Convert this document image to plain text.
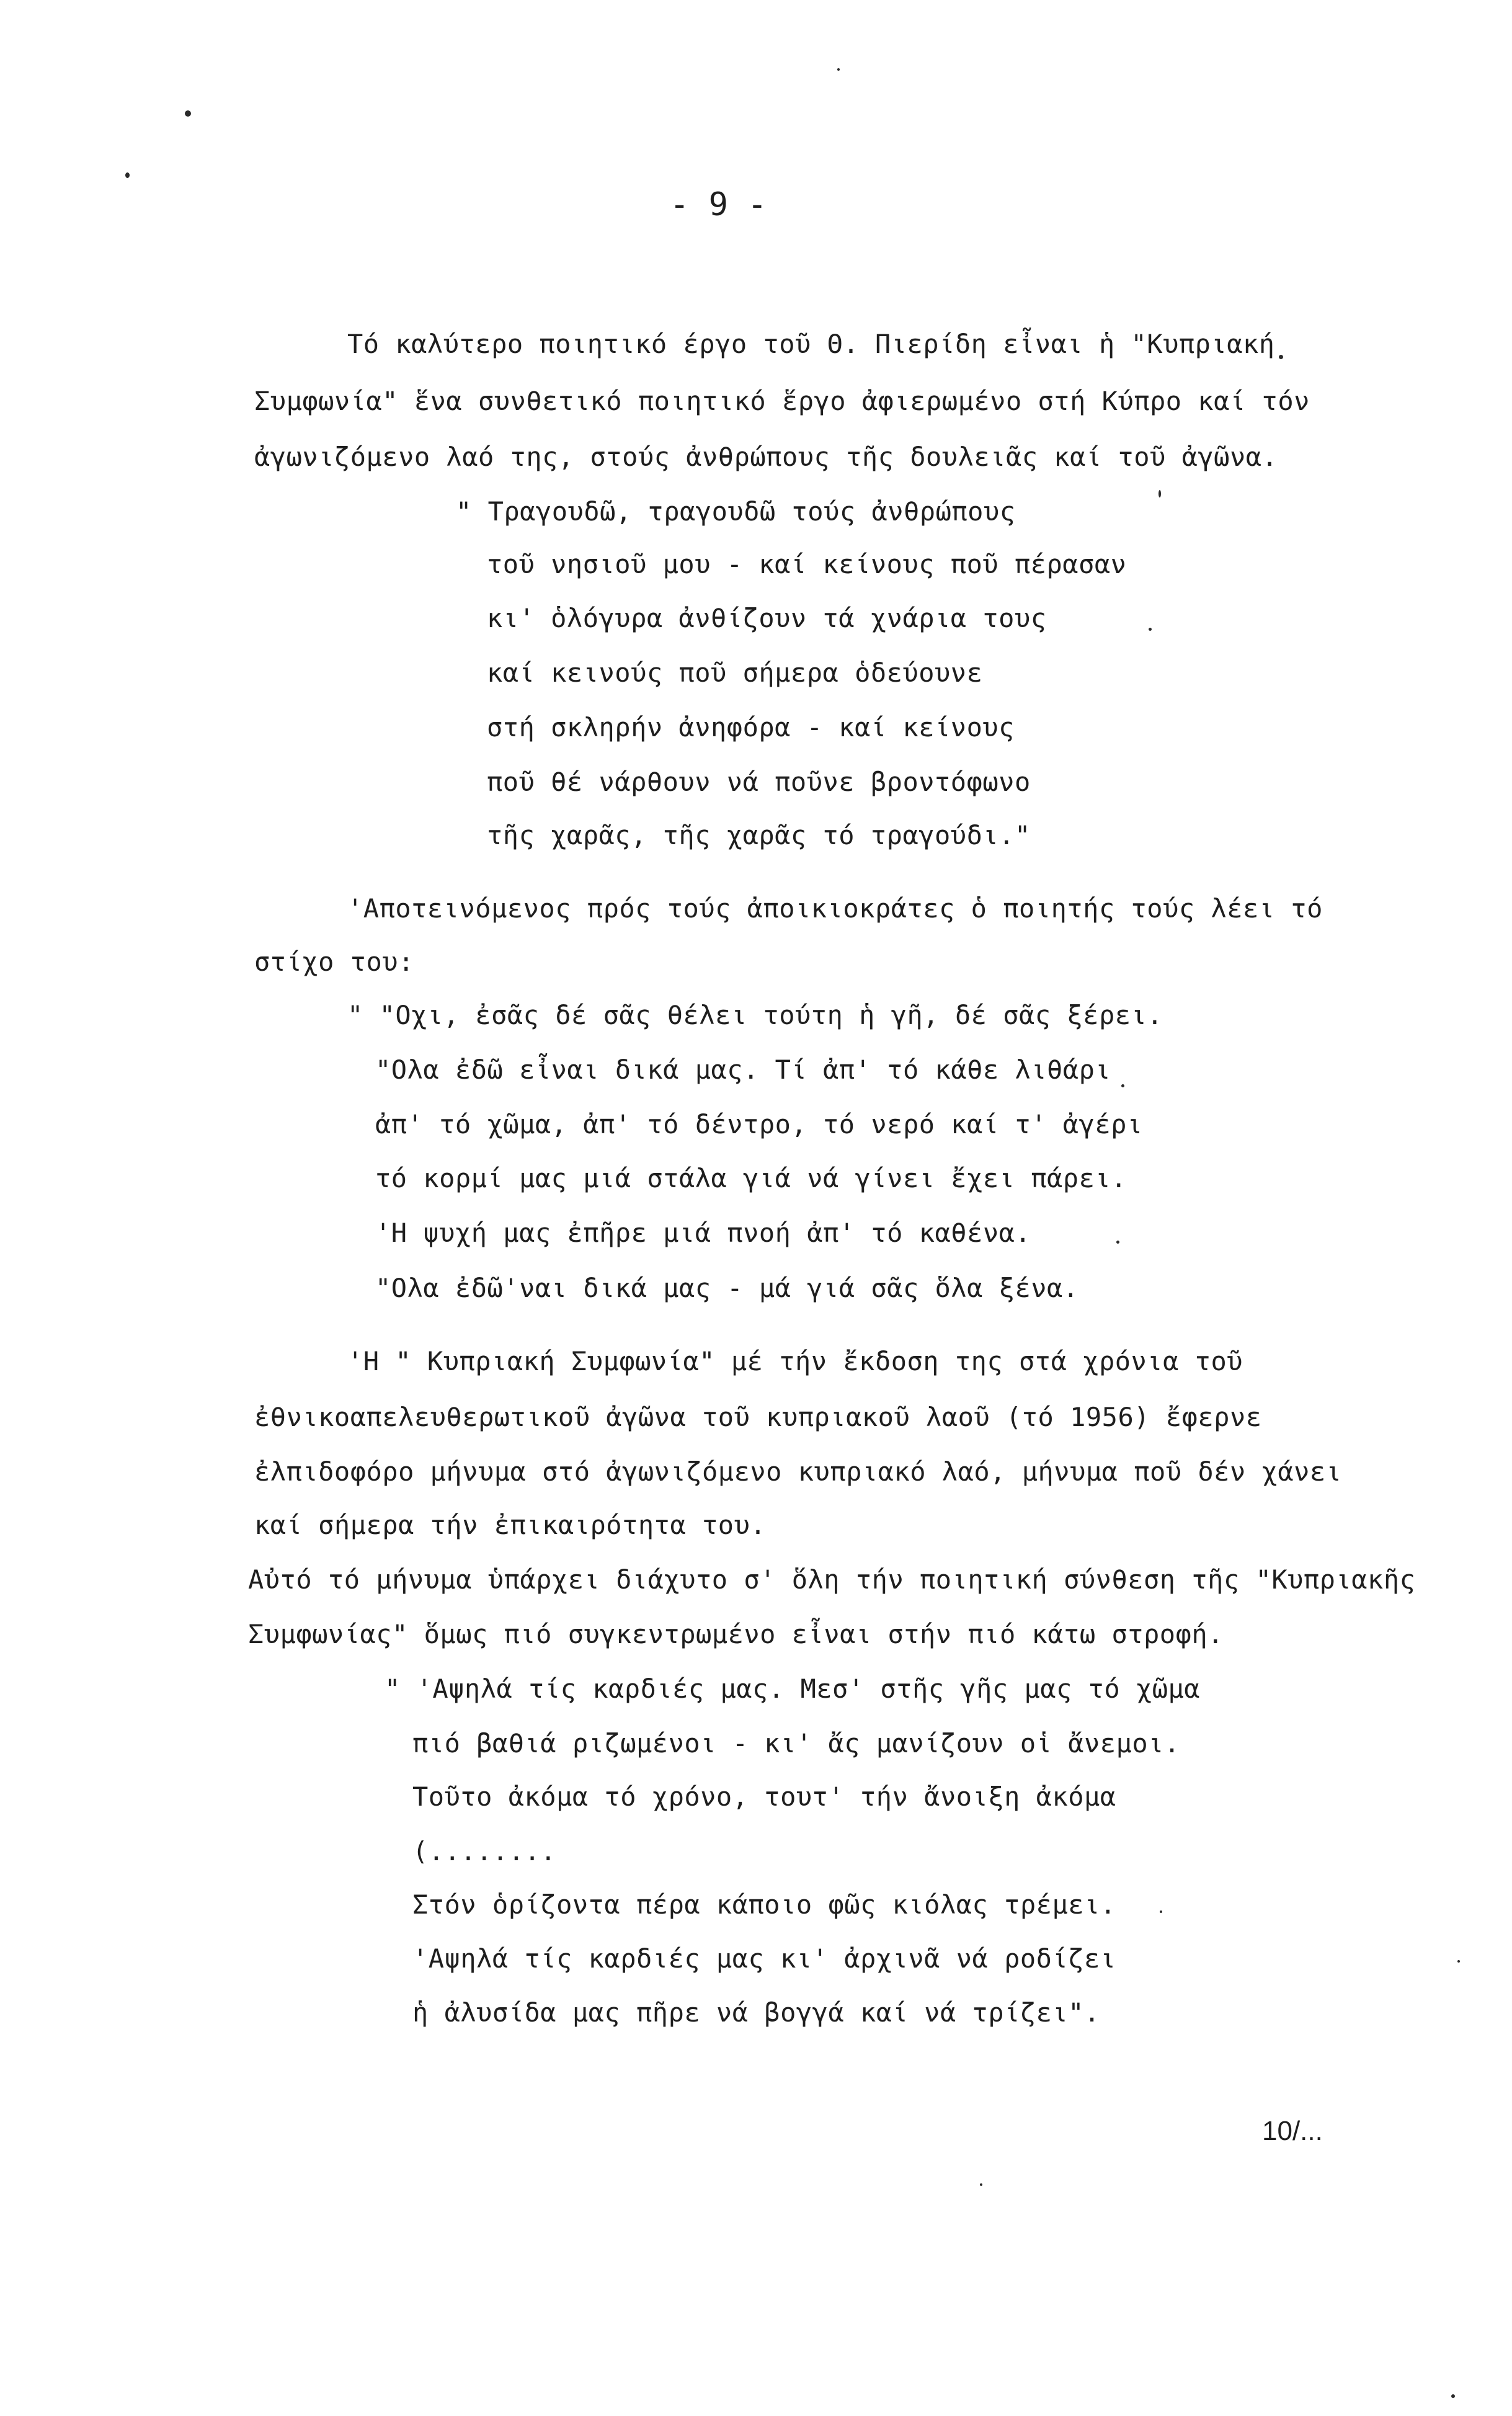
- 9 -
Τό καλύτερο ποιητικό έργο τοῦ Θ. Πιερίδη εἶναι ἡ "Κυπριακή
Συμφωνία" ἕνα συνθετικό ποιητικό ἕργο ἀφιερωμένο στή Κύπρο καί τόν
ἀγωνιζόμενο λαό της, στούς ἀνθρώπους τῆς δουλειᾶς καί τοῦ ἀγῶνα.
" Τραγουδῶ, τραγουδῶ τούς ἀνθρώπους
τοῦ νησιοῦ μου - καί κείνους ποῦ πέρασαν
κι' ὁλόγυρα ἀνθίζουν τά χνάρια τους
καί κεινούς ποῦ σήμερα ὁδεύουνε
στή σκληρήν ἀνηφόρα - καί κείνους
ποῦ θέ νάρθουν νά ποῦνε βροντόφωνο
τῆς χαρᾶς, τῆς χαρᾶς τό τραγούδι."
'Αποτεινόμενος πρός τούς ἀποικιοκράτες ὁ ποιητής τούς λέει τό
στίχο του:
" "Οχι, ἐσᾶς δέ σᾶς θέλει τούτη ἡ γῆ, δέ σᾶς ξέρει.
"Ολα ἐδῶ εἶναι δικά μας. Τί ἀπ' τό κάθε λιθάρι
ἀπ' τό χῶμα, ἀπ' τό δέντρο, τό νερό καί τ' ἀγέρι
τό κορμί μας μιά στάλα γιά νά γίνει ἔχει πάρει.
'Η ψυχή μας ἐπῆρε μιά πνοή ἀπ' τό καθένα.
"Ολα ἐδῶ'ναι δικά μας - μά γιά σᾶς ὅλα ξένα.
'Η " Κυπριακή Συμφωνία" μέ τήν ἔκδοση της στά χρόνια τοῦ
ἐθνικοαπελευθερωτικοῦ ἀγῶνα τοῦ κυπριακοῦ λαοῦ (τό 1956) ἔφερνε
ἐλπιδοφόρο μήνυμα στό ἀγωνιζόμενο κυπριακό λαό, μήνυμα ποῦ δέν χάνει
καί σήμερα τήν ἐπικαιρότητα του.
Αὐτό τό μήνυμα ὑπάρχει διάχυτο σ' ὅλη τήν ποιητική σύνθεση τῆς "Κυπριακῆς
Συμφωνίας" ὅμως πιό συγκεντρωμένο εἶναι στήν πιό κάτω στροφή.
" 'Αψηλά τίς καρδιές μας. Μεσ' στῆς γῆς μας τό χῶμα
πιό βαθιά ριζωμένοι - κι' ἄς μανίζουν οἱ ἄνεμοι.
Τοῦτο ἀκόμα τό χρόνο, τουτ' τήν ἄνοιξη ἀκόμα
(........
Στόν ὁρίζοντα πέρα κάποιο φῶς κιόλας τρέμει.
'Αψηλά τίς καρδιές μας κι' ἀρχινᾶ νά ροδίζει
ἡ ἀλυσίδα μας πῆρε νά βογγά καί νά τρίζει".
10/...
